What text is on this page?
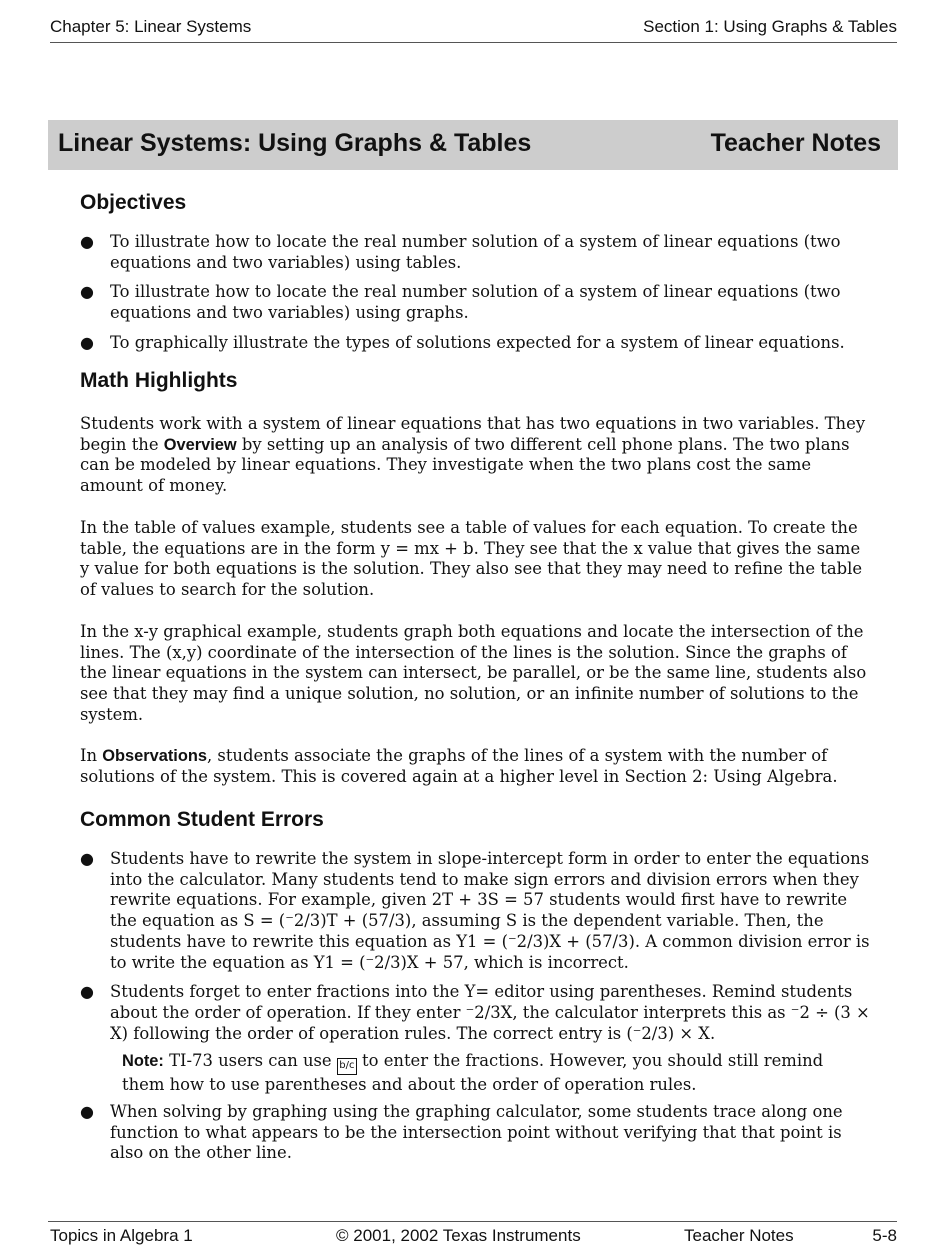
Chapter 5: Linear Systems	Section 1: Using Graphs & Tables
Linear Systems: Using Graphs & Tables	Teacher Notes
Objectives
● To illustrate how to locate the real number solution of a system of linear equations (two equations and two variables) using tables.
● To illustrate how to locate the real number solution of a system of linear equations (two equations and two variables) using graphs.
● To graphically illustrate the types of solutions expected for a system of linear equations.
Math Highlights

Students work with a system of linear equations that has two equations in two variables. They begin the Overview by setting up an analysis of two different cell phone plans. The two plans can be modeled by linear equations. They investigate when the two plans cost the same amount of money.

In the table of values example, students see a table of values for each equation. To create the table, the equations are in the form y = mx + b. They see that the x value that gives the same y value for both equations is the solution. They also see that they may need to refine the table of values to search for the solution.

In the x-y graphical example, students graph both equations and locate the intersection of the lines. The (x,y) coordinate of the intersection of the lines is the solution. Since the graphs of the linear equations in the system can intersect, be parallel, or be the same line, students also see that they may find a unique solution, no solution, or an infinite number of solutions to the system.

In Observations, students associate the graphs of the lines of a system with the number of solutions of the system. This is covered again at a higher level in Section 2: Using Algebra.

Common Student Errors
● Students have to rewrite the system in slope-intercept form in order to enter the equations into the calculator. Many students tend to make sign errors and division errors when they rewrite equations. For example, given 2T + 3S = 57 students would first have to rewrite the equation as S = (⁻2/3)T + (57/3), assuming S is the dependent variable. Then, the students have to rewrite this equation as Y1 = (⁻2/3)X + (57/3). A common division error is to write the equation as Y1 = (⁻2/3)X + 57, which is incorrect.
● Students forget to enter fractions into the Y= editor using parentheses. Remind students about the order of operation. If they enter ⁻2/3X, the calculator interprets this as ⁻2 ÷ (3 × X) following the order of operation rules. The correct entry is (⁻2/3) × X.

Note: TI-73 users can use b/c to enter the fractions. However, you should still remind them how to use parentheses and about the order of operation rules.

● When solving by graphing using the graphing calculator, some students trace along one function to what appears to be the intersection point without verifying that that point is also on the other line.
Topics in Algebra 1	© 2001, 2002 Texas Instruments	Teacher Notes	5-8
